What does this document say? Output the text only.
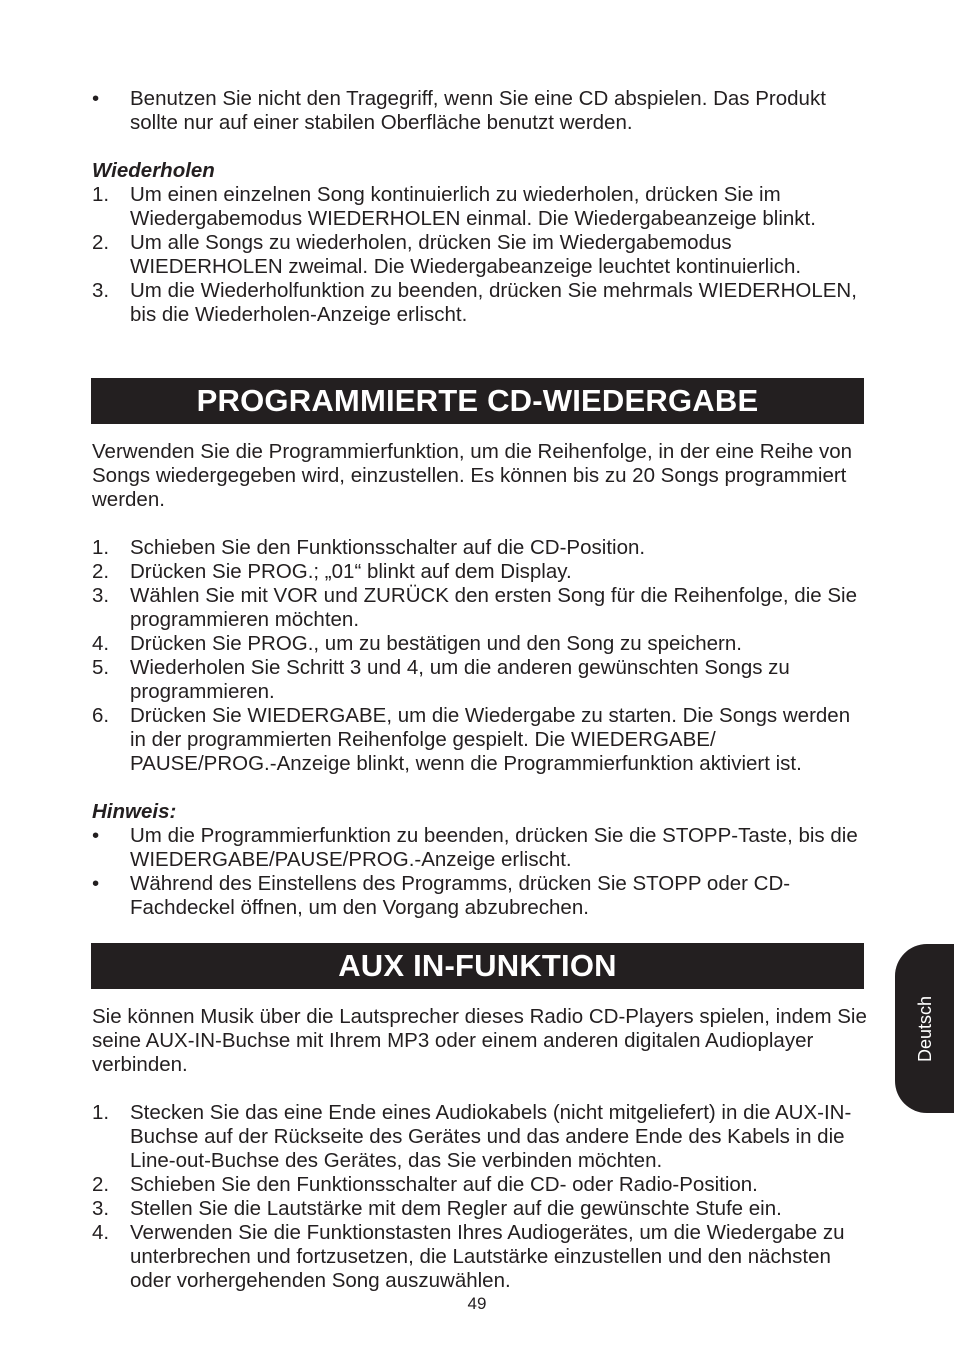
• Benutzen Sie nicht den Tragegriff, wenn Sie eine CD abspielen. Das Produkt sollte nur auf einer stabilen Oberfläche benutzt werden.
Wiederholen
1. Um einen einzelnen Song kontinuierlich zu wiederholen, drücken Sie im Wiedergabemodus WIEDERHOLEN einmal. Die Wiedergabeanzeige blinkt.
2. Um alle Songs zu wiederholen, drücken Sie im Wiedergabemodus WIEDERHOLEN zweimal. Die Wiedergabeanzeige leuchtet kontinuierlich.
3. Um die Wiederholfunktion zu beenden, drücken Sie mehrmals WIEDERHOLEN, bis die Wiederholen-Anzeige erlischt.
PROGRAMMIERTE CD-WIEDERGABE

Verwenden Sie die Programmierfunktion, um die Reihenfolge, in der eine Reihe von Songs wiedergegeben wird, einzustellen. Es können bis zu 20 Songs programmiert werden.

1. Schieben Sie den Funktionsschalter auf die CD-Position.
2. Drücken Sie PROG.; „01“ blinkt auf dem Display.
3. Wählen Sie mit VOR und ZURÜCK den ersten Song für die Reihenfolge, die Sie programmieren möchten.
4. Drücken Sie PROG., um zu bestätigen und den Song zu speichern.
5. Wiederholen Sie Schritt 3 und 4, um die anderen gewünschten Songs zu programmieren.
6. Drücken Sie WIEDERGABE, um die Wiedergabe zu starten. Die Songs werden in der programmierten Reihenfolge gespielt. Die WIEDERGABE/ PAUSE/PROG.-Anzeige blinkt, wenn die Programmierfunktion aktiviert ist.
Hinweis:
• Um die Programmierfunktion zu beenden, drücken Sie die STOPP-Taste, bis die WIEDERGABE/PAUSE/PROG.-Anzeige erlischt.
• Während des Einstellens des Programms, drücken Sie STOPP oder CD-Fachdeckel öffnen, um den Vorgang abzubrechen.
AUX IN-FUNKTION

Sie können Musik über die Lautsprecher dieses Radio CD-Players spielen, indem Sie seine AUX-IN-Buchse mit Ihrem MP3 oder einem anderen digitalen Audioplayer verbinden.

1. Stecken Sie das eine Ende eines Audiokabels (nicht mitgeliefert) in die AUX-IN-Buchse auf der Rückseite des Gerätes und das andere Ende des Kabels in die Line-out-Buchse des Gerätes, das Sie verbinden möchten.
2. Schieben Sie den Funktionsschalter auf die CD- oder Radio-Position.
3. Stellen Sie die Lautstärke mit dem Regler auf die gewünschte Stufe ein.
4. Verwenden Sie die Funktionstasten Ihres Audiogerätes, um die Wiedergabe zu unterbrechen und fortzusetzen, die Lautstärke einzustellen und den nächsten oder vorhergehenden Song auszuwählen.
Deutsch
49
